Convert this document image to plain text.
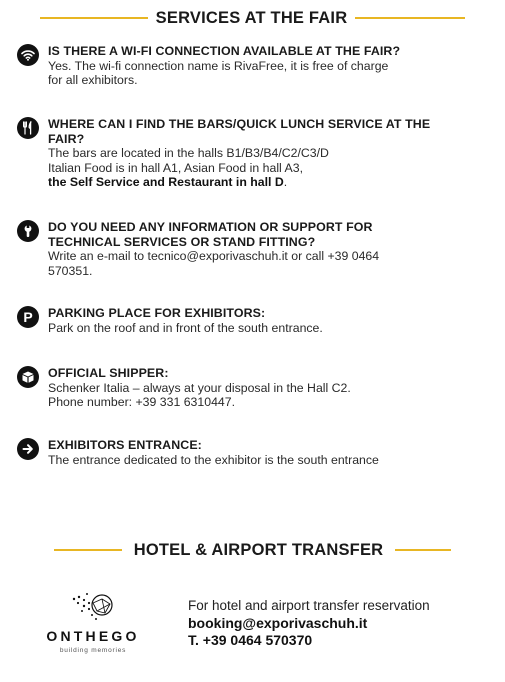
SERVICES AT THE FAIR
IS THERE A WI-FI CONNECTION AVAILABLE AT THE FAIR?
Yes. The wi-fi connection name is RivaFree, it is free of charge
for all exhibitors.
WHERE CAN I FIND THE BARS/QUICK LUNCH SERVICE AT THE
FAIR?
The bars are located in the halls B1/B3/B4/C2/C3/D
Italian Food is in hall A1, Asian Food in hall A3,
the Self Service and Restaurant in hall D.
DO YOU NEED ANY INFORMATION OR SUPPORT FOR
TECHNICAL SERVICES OR STAND FITTING?
Write an e-mail to tecnico@exporivaschuh.it or call +39 0464
570351.
P PARKING PLACE FOR EXHIBITORS:
Park on the roof and in front of the south entrance.
OFFICIAL SHIPPER:
Schenker Italia – always at your disposal in the Hall C2.
Phone number: +39 331 6310447.
EXHIBITORS ENTRANCE:
The entrance dedicated to the exhibitor is the south entrance
HOTEL & AIRPORT TRANSFER
ONTHEGO
building memories
For hotel and airport transfer reservation
booking@exporivaschuh.it
T. +39 0464 570370
